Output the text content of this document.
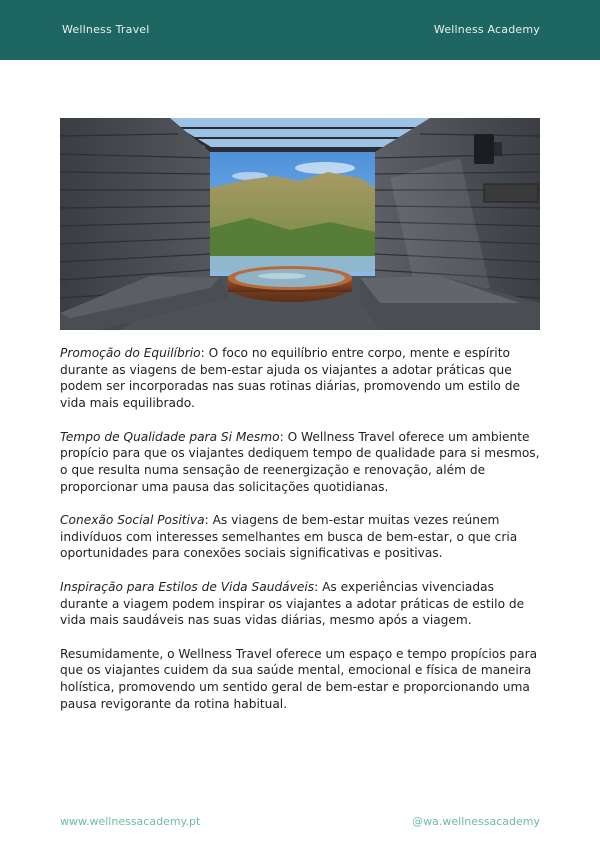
Wellness Travel	Wellness Academy

Promoção do Equilíbrio: O foco no equilíbrio entre corpo, mente e espírito durante as viagens de bem-estar ajuda os viajantes a adotar práticas que podem ser incorporadas nas suas rotinas diárias, promovendo um estilo de vida mais equilibrado.

Tempo de Qualidade para Si Mesmo: O Wellness Travel oferece um ambiente propício para que os viajantes dediquem tempo de qualidade para si mesmos, o que resulta numa sensação de reenergização e renovação, além de proporcionar uma pausa das solicitações quotidianas.

Conexão Social Positiva: As viagens de bem-estar muitas vezes reúnem indivíduos com interesses semelhantes em busca de bem-estar, o que cria oportunidades para conexões sociais significativas e positivas.

Inspiração para Estilos de Vida Saudáveis: As experiências vivenciadas durante a viagem podem inspirar os viajantes a adotar práticas de estilo de vida mais saudáveis nas suas vidas diárias, mesmo após a viagem.

Resumidamente, o Wellness Travel oferece um espaço e tempo propícios para que os viajantes cuidem da sua saúde mental, emocional e física de maneira holística, promovendo um sentido geral de bem-estar e proporcionando uma pausa revigorante da rotina habitual.

www.wellnessacademy.pt	@wa.wellnessacademy
